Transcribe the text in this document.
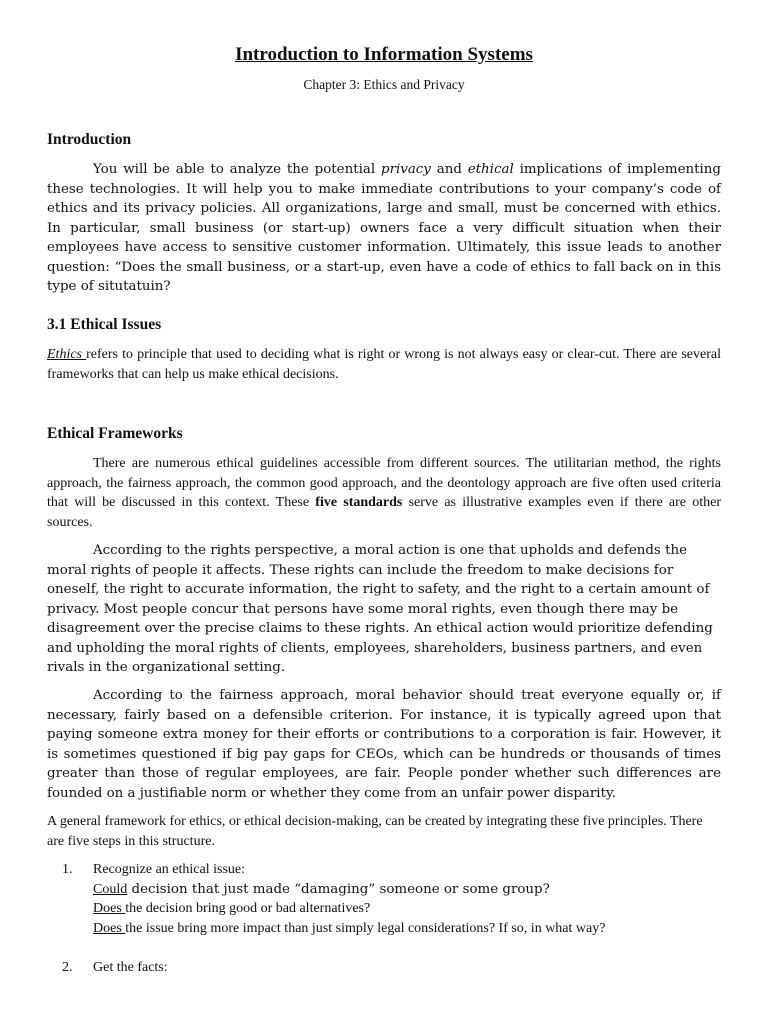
Introduction to Information Systems
Chapter 3: Ethics and Privacy
Introduction

You will be able to analyze the potential privacy and ethical implications of implementing these technologies. It will help you to make immediate contributions to your company’s code of ethics and its privacy policies. All organizations, large and small, must be concerned with ethics. In particular, small business (or start-up) owners face a very difficult situation when their employees have access to sensitive customer information. Ultimately, this issue leads to another question: “Does the small business, or a start-up, even have a code of ethics to fall back on in this type of situtatuin?

3.1 Ethical Issues

Ethics refers to principle that used to deciding what is right or wrong is not always easy or clear-cut. There are several frameworks that can help us make ethical decisions.

Ethical Frameworks

There are numerous ethical guidelines accessible from different sources. The utilitarian method, the rights approach, the fairness approach, the common good approach, and the deontology approach are five often used criteria that will be discussed in this context. These five standards serve as illustrative examples even if there are other sources.

According to the rights perspective, a moral action is one that upholds and defends the moral rights of people it affects. These rights can include the freedom to make decisions for oneself, the right to accurate information, the right to safety, and the right to a certain amount of privacy. Most people concur that persons have some moral rights, even though there may be disagreement over the precise claims to these rights. An ethical action would prioritize defending and upholding the moral rights of clients, employees, shareholders, business partners, and even rivals in the organizational setting.

According to the fairness approach, moral behavior should treat everyone equally or, if necessary, fairly based on a defensible criterion. For instance, it is typically agreed upon that paying someone extra money for their efforts or contributions to a corporation is fair. However, it is sometimes questioned if big pay gaps for CEOs, which can be hundreds or thousands of times greater than those of regular employees, are fair. People ponder whether such differences are founded on a justifiable norm or whether they come from an unfair power disparity.

A general framework for ethics, or ethical decision-making, can be created by integrating these five principles. There are five steps in this structure.

1. Recognize an ethical issue:
Could decision that just made “damaging” someone or some group?
Does the decision bring good or bad alternatives?
Does the issue bring more impact than just simply legal considerations? If so, in what way?
2. Get the facts:
